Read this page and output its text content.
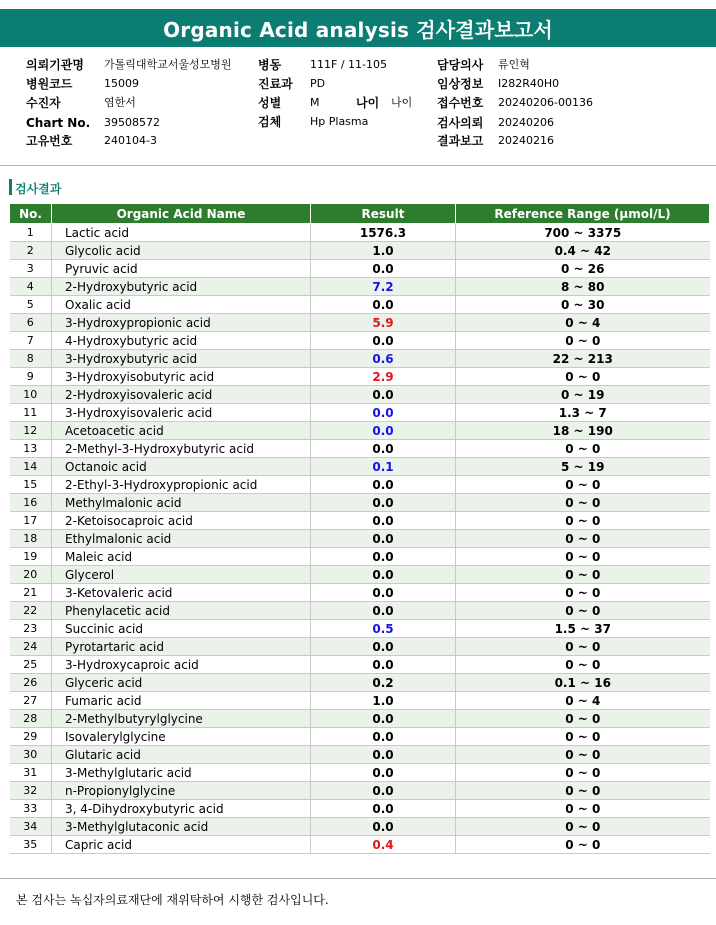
Organic Acid analysis 검사결과보고서
의뢰기관명 가톨릭대학교서울성모병원
병원코드	15009
수진자	염한서
Chart No. 39508572
고유번호	240104-3
병동	111F / 11-105
진료과 PD
성별	M	나이 나이
검체	Hp Plasma
담당의사 류인혁
임상정보 I282R40H0
접수번호 20240206-00136
검사의뢰 20240206
결과보고 20240216
검사결과
No.	Organic Acid Name	Result	Reference Range (μmol/L)
1	Lactic acid	1576.3	700 ~ 3375
2	Glycolic acid	1.0	0.4 ~ 42
3	Pyruvic acid	0.0	0 ~ 26
4	2-Hydroxybutyric acid	7.2	8 ~ 80
5	Oxalic acid	0.0	0 ~ 30
6	3-Hydroxypropionic acid	5.9	0 ~ 4
7	4-Hydroxybutyric acid	0.0	0 ~ 0
8	3-Hydroxybutyric acid	0.6	22 ~ 213
9	3-Hydroxyisobutyric acid	2.9	0 ~ 0
10	2-Hydroxyisovaleric acid	0.0	0 ~ 19
11	3-Hydroxyisovaleric acid	0.0	1.3 ~ 7
12	Acetoacetic acid	0.0	18 ~ 190
13	2-Methyl-3-Hydroxybutyric acid	0.0	0 ~ 0
14	Octanoic acid	0.1	5 ~ 19
15	2-Ethyl-3-Hydroxypropionic acid	0.0	0 ~ 0
16	Methylmalonic acid	0.0	0 ~ 0
17	2-Ketoisocaproic acid	0.0	0 ~ 0
18	Ethylmalonic acid	0.0	0 ~ 0
19	Maleic acid	0.0	0 ~ 0
20	Glycerol	0.0	0 ~ 0
21	3-Ketovaleric acid	0.0	0 ~ 0
22	Phenylacetic acid	0.0	0 ~ 0
23	Succinic acid	0.5	1.5 ~ 37
24	Pyrotartaric acid	0.0	0 ~ 0
25	3-Hydroxycaproic acid	0.0	0 ~ 0
26	Glyceric acid	0.2	0.1 ~ 16
27	Fumaric acid	1.0	0 ~ 4
28	2-Methylbutyrylglycine	0.0	0 ~ 0
29	Isovalerylglycine	0.0	0 ~ 0
30	Glutaric acid	0.0	0 ~ 0
31	3-Methylglutaric acid	0.0	0 ~ 0
32	n-Propionylglycine	0.0	0 ~ 0
33	3, 4-Dihydroxybutyric acid	0.0	0 ~ 0
34	3-Methylglutaconic acid	0.0	0 ~ 0
35	Capric acid	0.4	0 ~ 0
본 검사는 녹십자의료재단에 재위탁하여 시행한 검사입니다.
